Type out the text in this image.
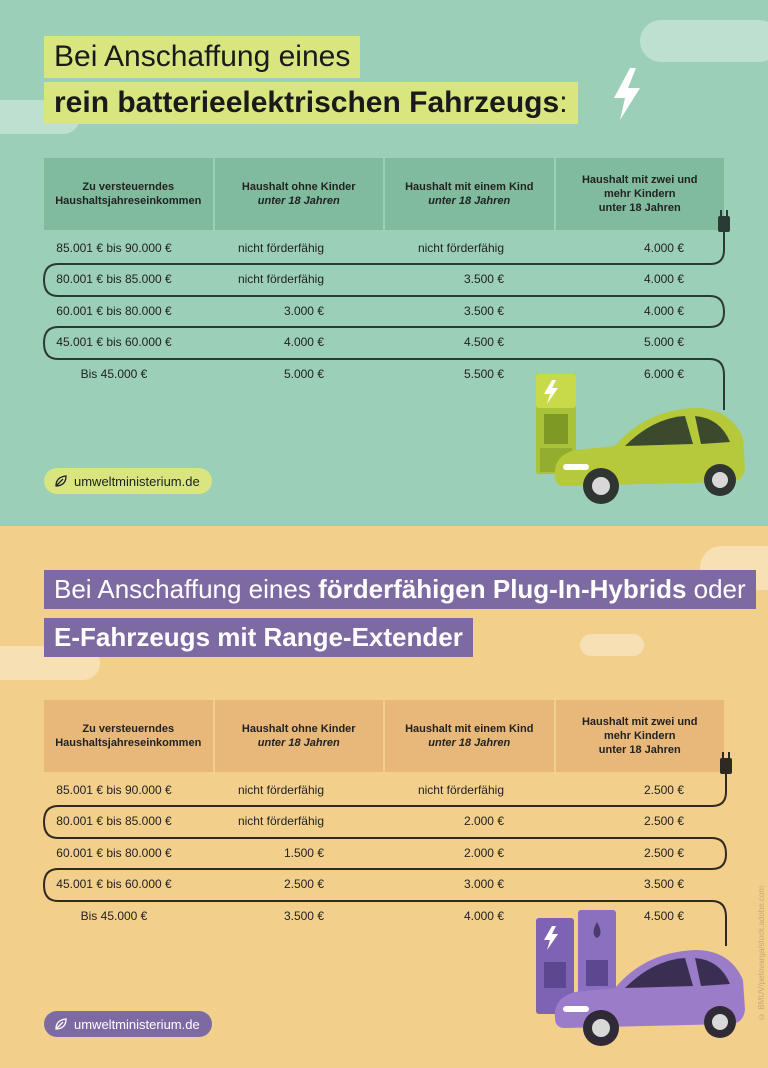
Bei Anschaffung eines
rein batterieelektrischen Fahrzeugs:
Zu versteuerndes Haushaltsjahreseinkommen
Haushalt ohne Kinder
unter 18 Jahren
Haushalt mit einem Kind
unter 18 Jahren
Haushalt mit zwei und mehr Kindern
unter 18 Jahren
85.001 € bis 90.000 €	nicht förderfähig	nicht förderfähig	4.000 €
80.001 € bis 85.000 €	nicht förderfähig	3.500 €	4.000 €
60.001 € bis 80.000 €	3.000 €	3.500 €	4.000 €
45.001 € bis 60.000 €	4.000 €	4.500 €	5.000 €
Bis 45.000 €	5.000 €	5.500 €	6.000 €
umweltministerium.de
Bei Anschaffung eines förderfähigen Plug-In-Hybrids oder
E-Fahrzeugs mit Range-Extender
Zu versteuerndes Haushaltsjahreseinkommen
Haushalt ohne Kinder
unter 18 Jahren
Haushalt mit einem Kind
unter 18 Jahren
Haushalt mit zwei und mehr Kindern
unter 18 Jahren
85.001 € bis 90.000 €	nicht förderfähig	nicht förderfähig	2.500 €
80.001 € bis 85.000 €	nicht förderfähig	2.000 €	2.500 €
60.001 € bis 80.000 €	1.500 €	2.000 €	2.500 €
45.001 € bis 60.000 €	2.500 €	3.000 €	3.500 €
Bis 45.000 €	3.500 €	4.000 €	4.500 €	© BMUV/petovarga/stock.adobe.com
umweltministerium.de
